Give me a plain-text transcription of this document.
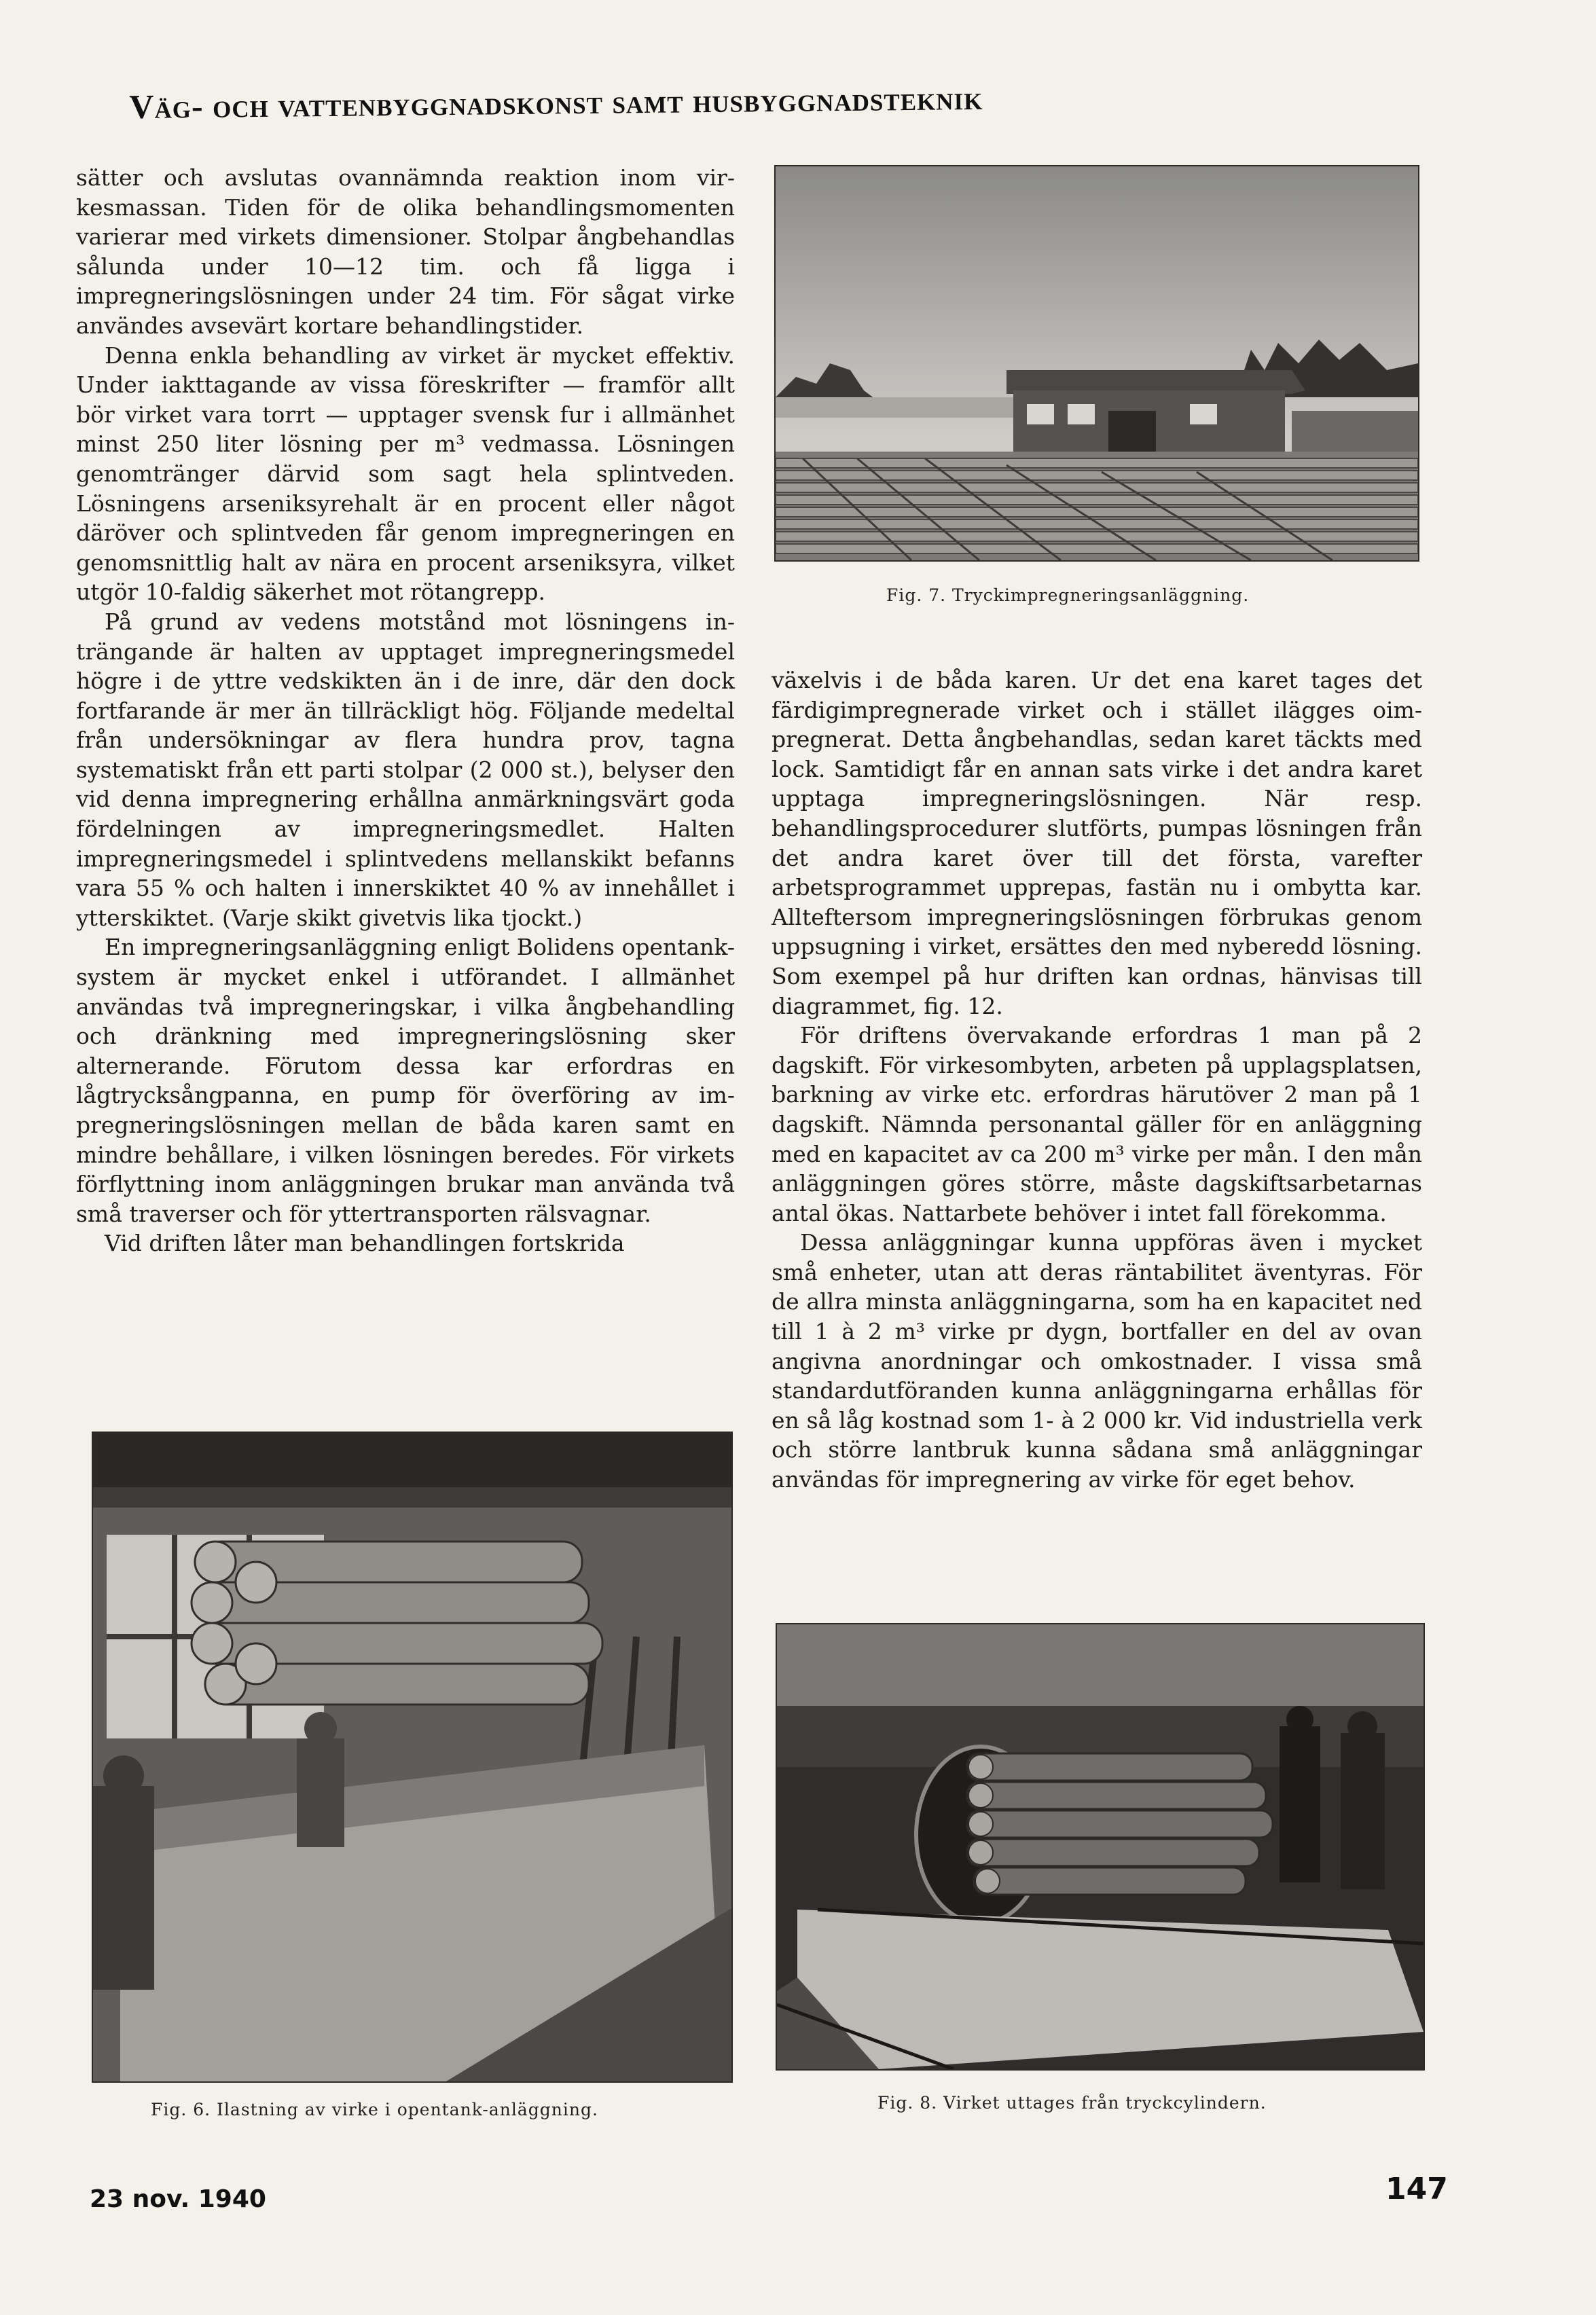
Väg- och vattenbyggnadskonst samt husbyggnadsteknik

sätter och avslutas ovannämnda reaktion inom virkesmassan. Tiden för de olika behandlingsmomenten varierar med virkets dimensioner. Stolpar ångbehandlas sålunda under 10—12 tim. och få ligga i impregneringslösningen under 24 tim. För sågat virke användes avsevärt kortare behandlingstider.

Denna enkla behandling av virket är mycket effektiv. Under iakttagande av vissa föreskrifter — framför allt bör virket vara torrt — upptager svensk fur i allmänhet minst 250 liter lösning per m³ vedmassa. Lösningen genomtränger därvid som sagt hela splintveden. Lösningens arseniksyrehalt är en procent eller något däröver och splintveden får genom impregneringen en genomsnittlig halt av nära en procent arseniksyra, vilket utgör 10-faldig säkerhet mot rötangrepp.

På grund av vedens motstånd mot lösningens inträngande är halten av upptaget impregneringsmedel högre i de yttre vedskikten än i de inre, där den dock fortfarande är mer än tillräckligt hög. Följande medeltal från undersökningar av flera hundra prov, tagna systematiskt från ett parti stolpar (2 000 st.), belyser den vid denna impregnering erhållna anmärkningsvärt goda fördelningen av impregneringsmedlet. Halten impregneringsmedel i splintvedens mellanskikt befanns vara 55 % och halten i innerskiktet 40 % av innehållet i ytterskiktet. (Varje skikt givetvis lika tjockt.)

En impregneringsanläggning enligt Bolidens opentank-system är mycket enkel i utförandet. I allmänhet användas två impregneringskar, i vilka ångbehandling och dränkning med impregneringslösning sker alternerande. Förutom dessa kar erfordras en lågtrycksångpanna, en pump för överföring av impregneringslösningen mellan de båda karen samt en mindre behållare, i vilken lösningen beredes. För virkets förflyttning inom anläggningen brukar man använda två små traverser och för yttertransporten rälsvagnar.

Vid driften låter man behandlingen fortskrida

Fig. 7. Tryckimpregneringsanläggning.

växelvis i de båda karen. Ur det ena karet tages det färdigimpregnerade virket och i stället ilägges oimpregnerat. Detta ångbehandlas, sedan karet täckts med lock. Samtidigt får en annan sats virke i det andra karet upptaga impregneringslösningen. När resp. behandlingsprocedurer slutförts, pumpas lösningen från det andra karet över till det första, varefter arbetsprogrammet upprepas, fastän nu i ombytta kar. Allteftersom impregneringslösningen förbrukas genom uppsugning i virket, ersättes den med nyberedd lösning. Som exempel på hur driften kan ordnas, hänvisas till diagrammet, fig. 12.

För driftens övervakande erfordras 1 man på 2 dagskift. För virkesombyten, arbeten på upplagsplatsen, barkning av virke etc. erfordras härutöver 2 man på 1 dagskift. Nämnda personantal gäller för en anläggning med en kapacitet av ca 200 m³ virke per mån. I den mån anläggningen göres större, måste dagskiftsarbetarnas antal ökas. Nattarbete behöver i intet fall förekomma.

Dessa anläggningar kunna uppföras även i mycket små enheter, utan att deras räntabilitet äventyras. För de allra minsta anläggningarna, som ha en kapacitet ned till 1 à 2 m³ virke pr dygn, bortfaller en del av ovan angivna anordningar och omkostnader. I vissa små standardutföranden kunna anläggningarna erhållas för en så låg kostnad som 1- à 2 000 kr. Vid industriella verk och större lantbruk kunna sådana små anläggningar användas för impregnering av virke för eget behov.

Fig. 6. Ilastning av virke i opentank-anläggning.	Fig. 8. Virket uttages från tryckcylindern.
23 nov. 1940	147
